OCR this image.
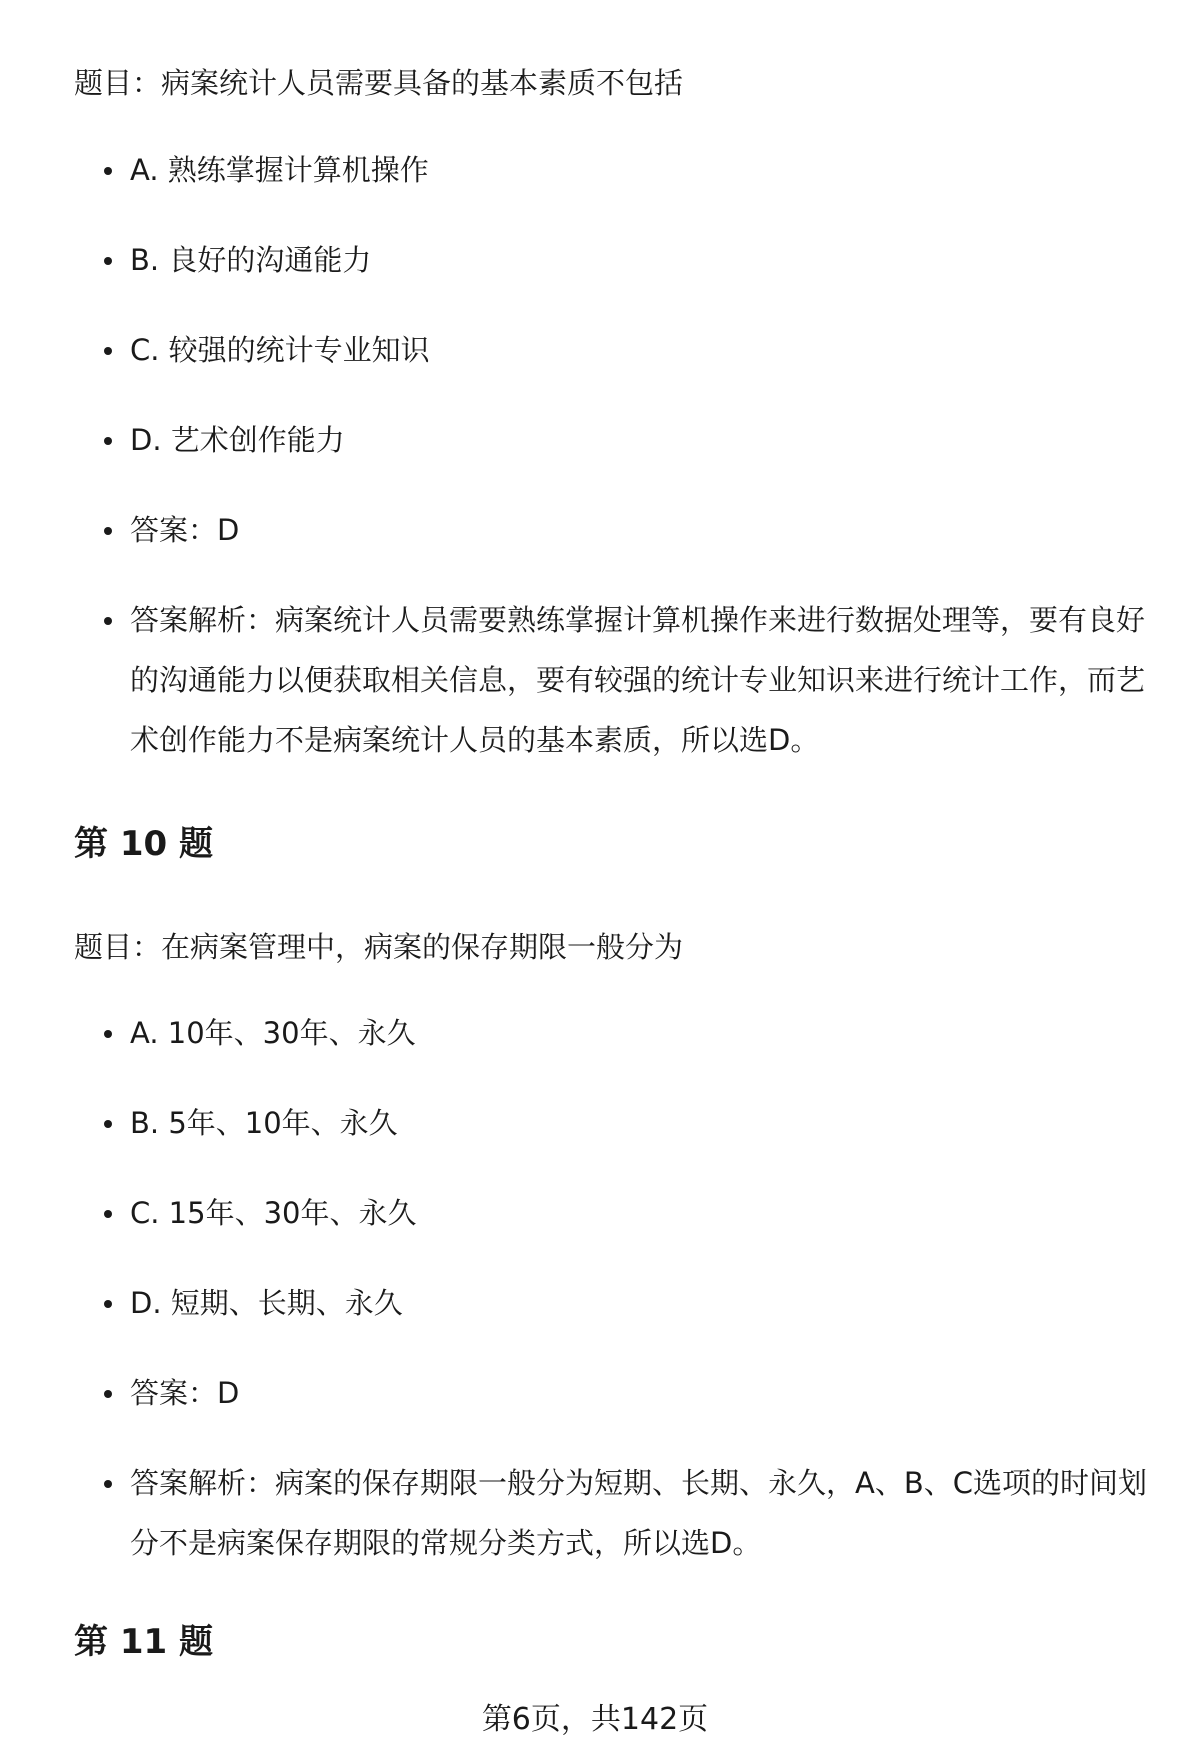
题目：病案统计人员需要具备的基本素质不包括

A. 熟练掌握计算机操作
B. 良好的沟通能力
C. 较强的统计专业知识
D. 艺术创作能力
答案：D
答案解析：病案统计人员需要熟练掌握计算机操作来进行数据处理等，要有良好的沟通能力以便获取相关信息，要有较强的统计专业知识来进行统计工作，而艺术创作能力不是病案统计人员的基本素质，所以选D。
第 10 题

题目：在病案管理中，病案的保存期限一般分为

A. 10年、30年、永久
B. 5年、10年、永久
C. 15年、30年、永久
D. 短期、长期、永久
答案：D
答案解析：病案的保存期限一般分为短期、长期、永久，A、B、C选项的时间划分不是病案保存期限的常规分类方式，所以选D。
第 11 题
第6页，共142页
